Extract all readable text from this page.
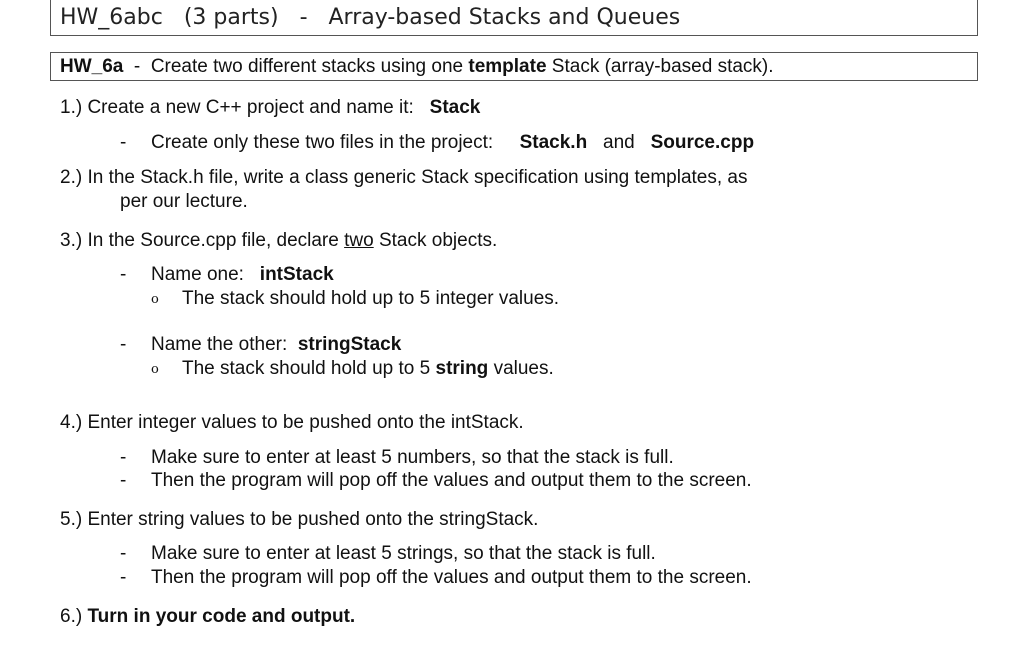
HW_6abc (3 parts) - Array-based Stacks and Queues
HW_6a - Create two different stacks using one template Stack (array-based stack).
1.) Create a new C++ project and name it: Stack
- Create only these two files in the project: Stack.h and Source.cpp
2.) In the Stack.h file, write a class generic Stack specification using templates, as
per our lecture.
3.) In the Source.cpp file, declare two Stack objects.
- Name one: intStack
o The stack should hold up to 5 integer values.
- Name the other: stringStack
o The stack should hold up to 5 string values.
4.) Enter integer values to be pushed onto the intStack.
- Make sure to enter at least 5 numbers, so that the stack is full.
- Then the program will pop off the values and output them to the screen.
5.) Enter string values to be pushed onto the stringStack.
- Make sure to enter at least 5 strings, so that the stack is full.
- Then the program will pop off the values and output them to the screen.
6.) Turn in your code and output.
